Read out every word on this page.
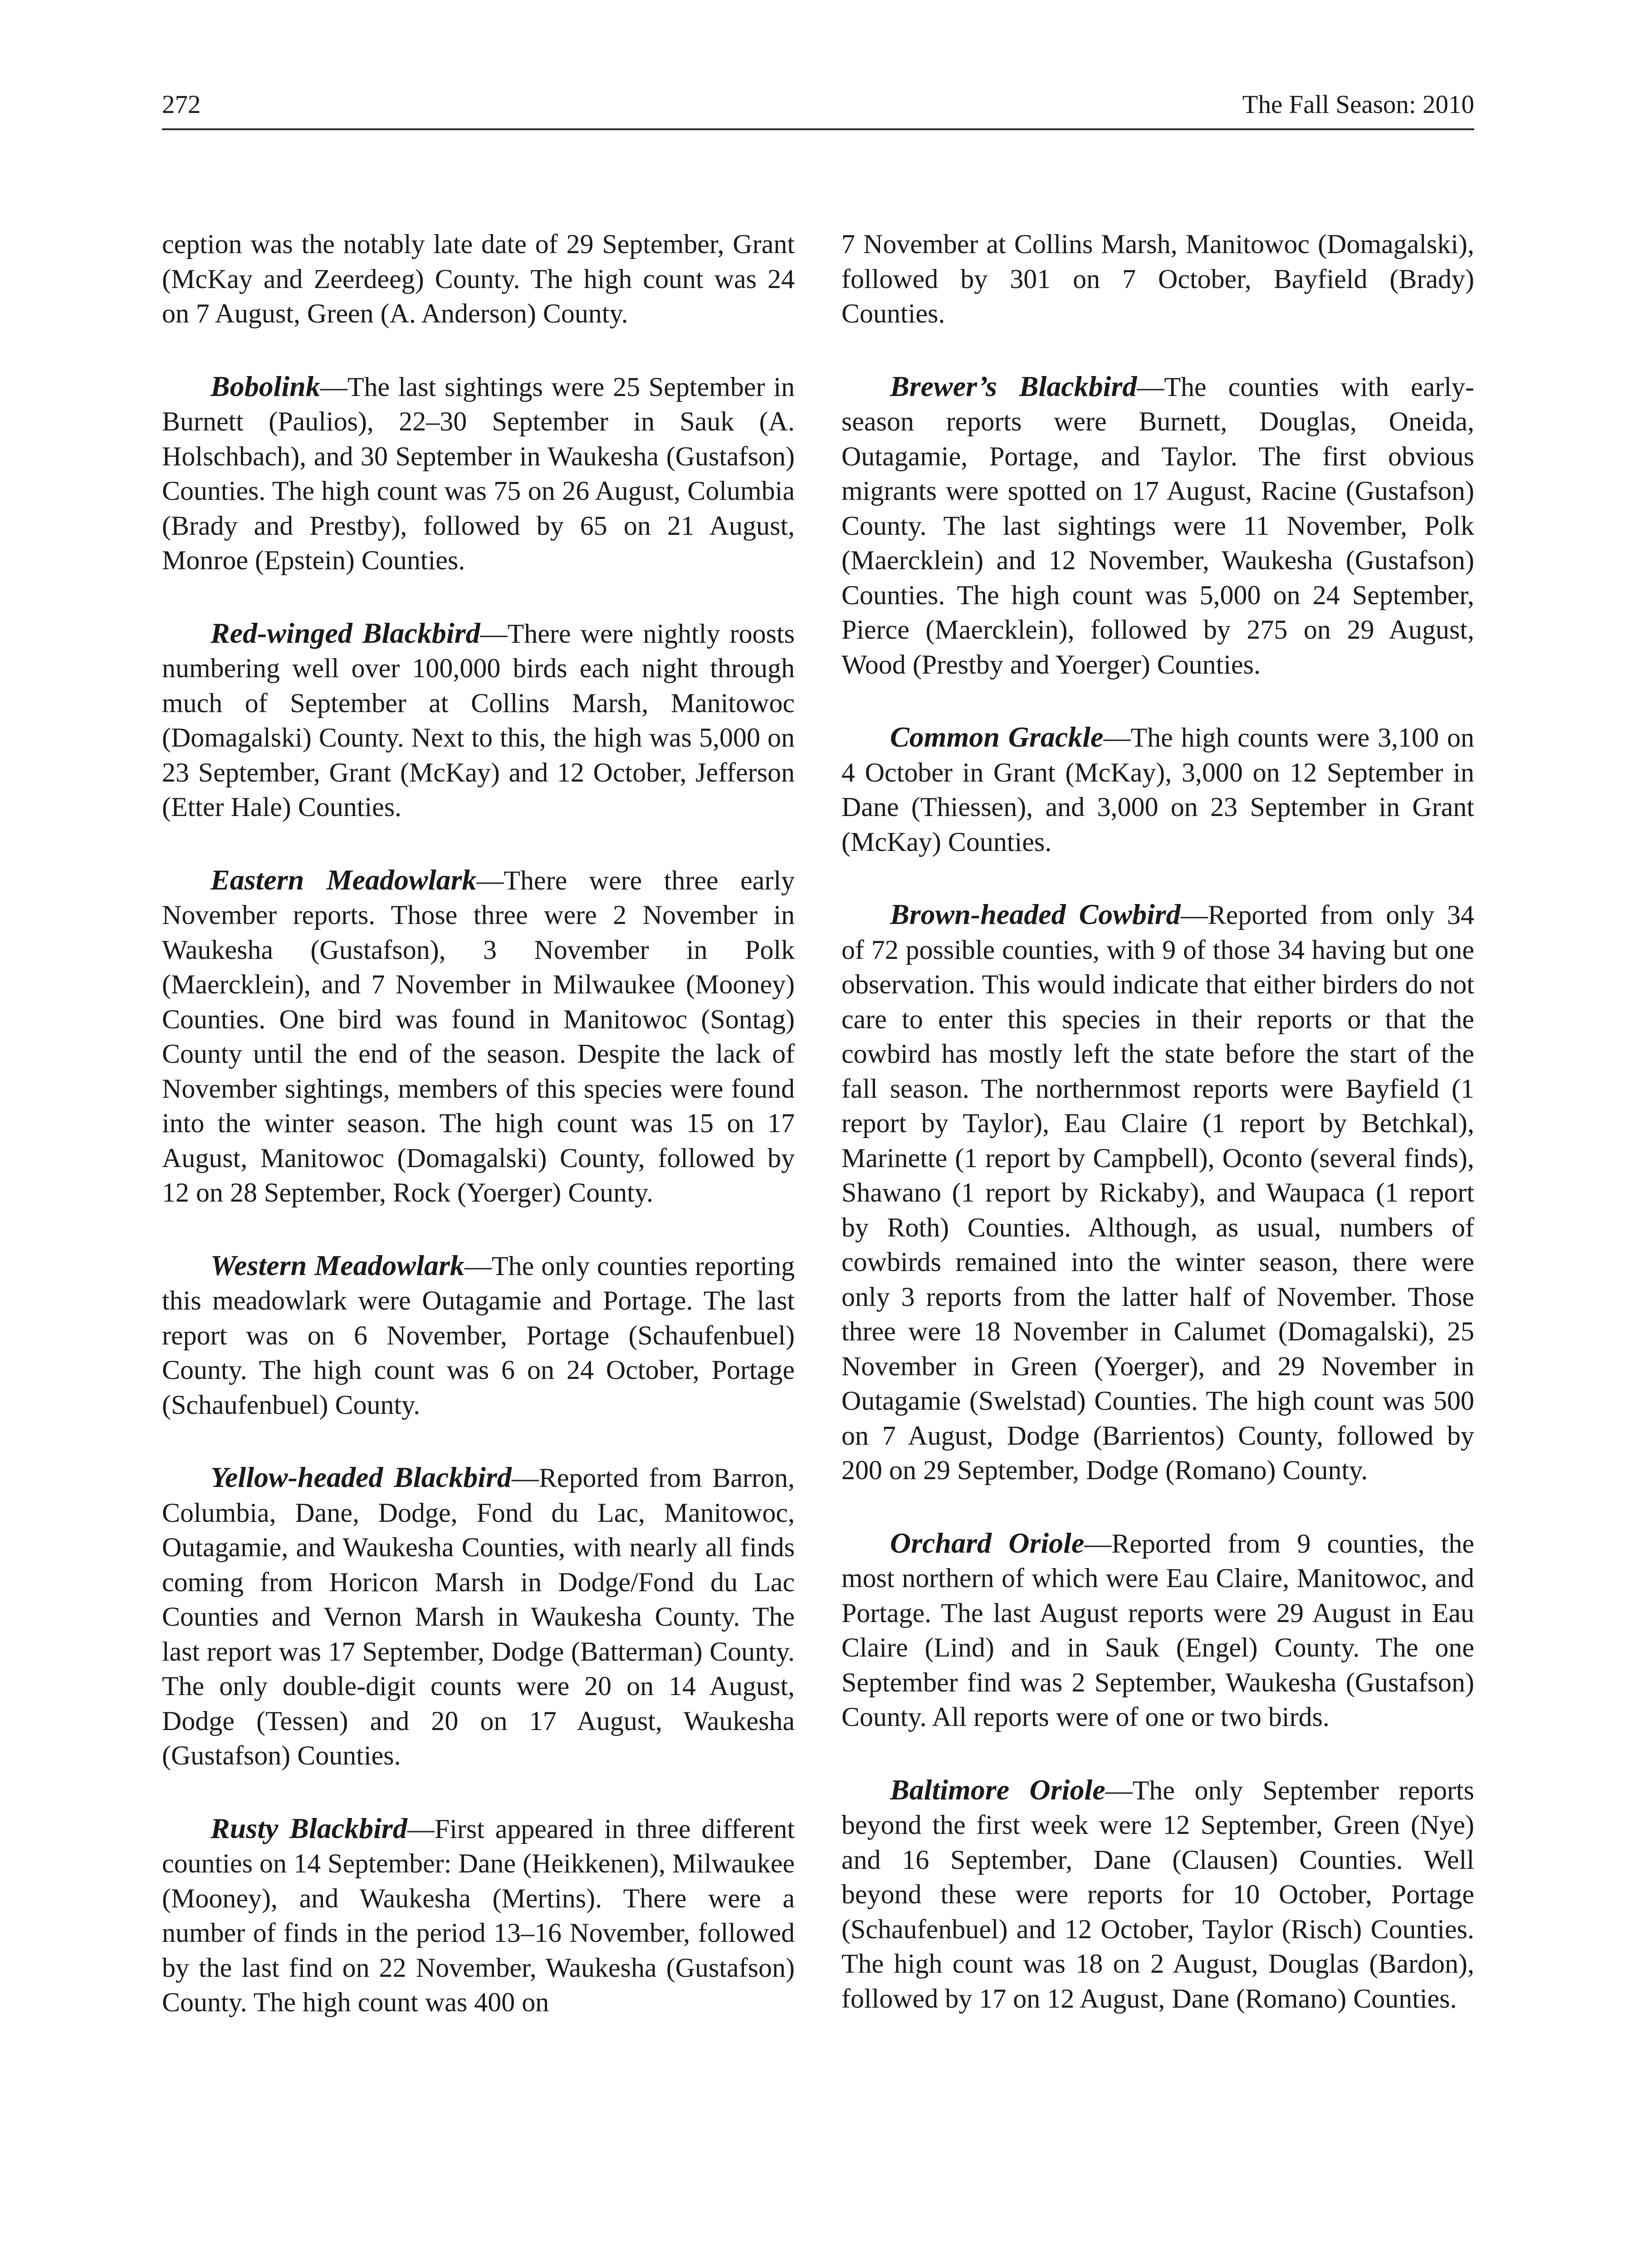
272	The Fall Season: 2010

ception was the notably late date of 29 September, Grant (McKay and Zeerdeeg) County. The high count was 24 on 7 August, Green (A. Anderson) County.

Bobolink—The last sightings were 25 September in Burnett (Paulios), 22–30 September in Sauk (A. Holschbach), and 30 September in Waukesha (Gustafson) Counties. The high count was 75 on 26 August, Columbia (Brady and Prestby), followed by 65 on 21 August, Monroe (Epstein) Counties.

Red-winged Blackbird—There were nightly roosts numbering well over 100,000 birds each night through much of September at Collins Marsh, Manitowoc (Domagalski) County. Next to this, the high was 5,000 on 23 September, Grant (McKay) and 12 October, Jefferson (Etter Hale) Counties.

Eastern Meadowlark—There were three early November reports. Those three were 2 November in Waukesha (Gustafson), 3 November in Polk (Maercklein), and 7 November in Milwaukee (Mooney) Counties. One bird was found in Manitowoc (Sontag) County until the end of the season. Despite the lack of November sightings, members of this species were found into the winter season. The high count was 15 on 17 August, Manitowoc (Domagalski) County, followed by 12 on 28 September, Rock (Yoerger) County.

Western Meadowlark—The only counties reporting this meadowlark were Outagamie and Portage. The last report was on 6 November, Portage (Schaufenbuel) County. The high count was 6 on 24 October, Portage (Schaufenbuel) County.

Yellow-headed Blackbird—Reported from Barron, Columbia, Dane, Dodge, Fond du Lac, Manitowoc, Outagamie, and Waukesha Counties, with nearly all finds coming from Horicon Marsh in Dodge/Fond du Lac Counties and Vernon Marsh in Waukesha County. The last report was 17 September, Dodge (Batterman) County. The only double-digit counts were 20 on 14 August, Dodge (Tessen) and 20 on 17 August, Waukesha (Gustafson) Counties.

Rusty Blackbird—First appeared in three different counties on 14 September: Dane (Heikkenen), Milwaukee (Mooney), and Waukesha (Mertins). There were a number of finds in the period 13–16 November, followed by the last find on 22 November, Waukesha (Gustafson) County. The high count was 400 on

7 November at Collins Marsh, Manitowoc (Domagalski), followed by 301 on 7 October, Bayfield (Brady) Counties.

Brewer’s Blackbird—The counties with early-season reports were Burnett, Douglas, Oneida, Outagamie, Portage, and Taylor. The first obvious migrants were spotted on 17 August, Racine (Gustafson) County. The last sightings were 11 November, Polk (Maercklein) and 12 November, Waukesha (Gustafson) Counties. The high count was 5,000 on 24 September, Pierce (Maercklein), followed by 275 on 29 August, Wood (Prestby and Yoerger) Counties.

Common Grackle—The high counts were 3,100 on 4 October in Grant (McKay), 3,000 on 12 September in Dane (Thiessen), and 3,000 on 23 September in Grant (McKay) Counties.

Brown-headed Cowbird—Reported from only 34 of 72 possible counties, with 9 of those 34 having but one observation. This would indicate that either birders do not care to enter this species in their reports or that the cowbird has mostly left the state before the start of the fall season. The northernmost reports were Bayfield (1 report by Taylor), Eau Claire (1 report by Betchkal), Marinette (1 report by Campbell), Oconto (several finds), Shawano (1 report by Rickaby), and Waupaca (1 report by Roth) Counties. Although, as usual, numbers of cowbirds remained into the winter season, there were only 3 reports from the latter half of November. Those three were 18 November in Calumet (Domagalski), 25 November in Green (Yoerger), and 29 November in Outagamie (Swelstad) Counties. The high count was 500 on 7 August, Dodge (Barrientos) County, followed by 200 on 29 September, Dodge (Romano) County.

Orchard Oriole—Reported from 9 counties, the most northern of which were Eau Claire, Manitowoc, and Portage. The last August reports were 29 August in Eau Claire (Lind) and in Sauk (Engel) County. The one September find was 2 September, Waukesha (Gustafson) County. All reports were of one or two birds.

Baltimore Oriole—The only September reports beyond the first week were 12 September, Green (Nye) and 16 September, Dane (Clausen) Counties. Well beyond these were reports for 10 October, Portage (Schaufenbuel) and 12 October, Taylor (Risch) Counties. The high count was 18 on 2 August, Douglas (Bardon), followed by 17 on 12 August, Dane (Romano) Counties.
